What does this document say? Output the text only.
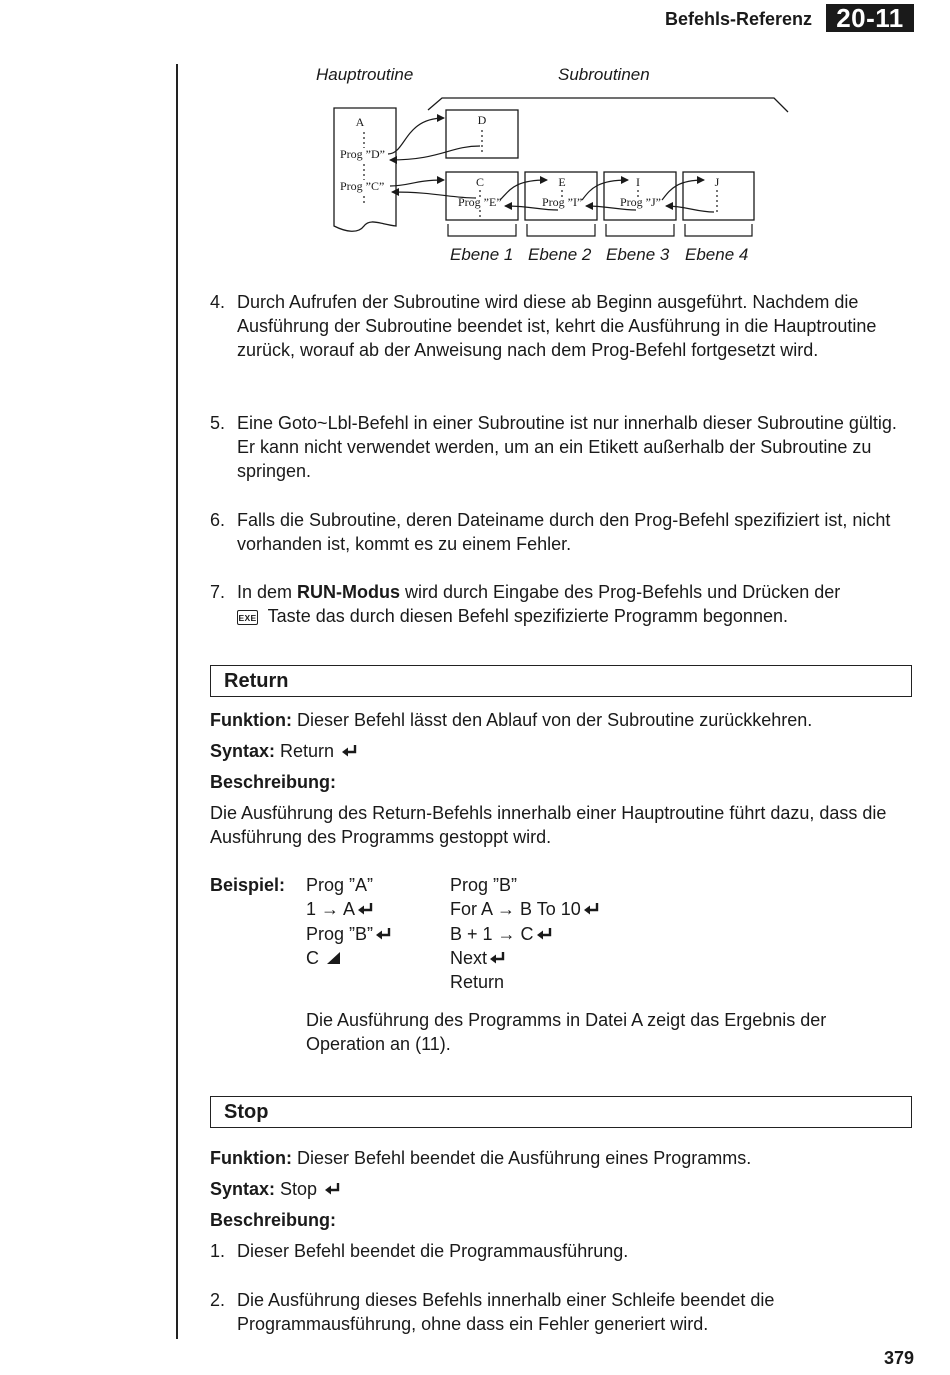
Befehls-Referenz 20-11
Hauptroutine	Subroutinen
A
Prog ”D”
Prog ”C”
D
C
Prog ”E”
E
Prog ”I”
I
Prog ”J”
J
Ebene 1 Ebene 2 Ebene 3 Ebene 4
4. Durch Aufrufen der Subroutine wird diese ab Beginn ausgeführt. Nachdem die Ausführung der Subroutine beendet ist, kehrt die Ausführung in die Hauptroutine zurück, worauf ab der Anweisung nach dem Prog-Befehl fortgesetzt wird.
5. Eine Goto~Lbl-Befehl in einer Subroutine ist nur innerhalb dieser Subroutine gültig. Er kann nicht verwendet werden, um an ein Etikett außerhalb der Subroutine zu springen.
6. Falls die Subroutine, deren Dateiname durch den Prog-Befehl spezifiziert ist, nicht vorhanden ist, kommt es zu einem Fehler.
7. In dem RUN-Modus wird durch Eingabe des Prog-Befehls und Drücken der
EXE Taste das durch diesen Befehl spezifizierte Programm begonnen.
Return
Funktion: Dieser Befehl lässt den Ablauf von der Subroutine zurückkehren.
Syntax: Return
Beschreibung:
Die Ausführung des Return-Befehls innerhalb einer Hauptroutine führt dazu, dass die Ausführung des Programms gestoppt wird.
Beispiel:	Prog ”A”
1 → A
Prog ”B”
C
Prog ”B”
For A → B To 10
B + 1 → C
Next
Return
Die Ausführung des Programms in Datei A zeigt das Ergebnis der Operation an (11).
Stop
Funktion: Dieser Befehl beendet die Ausführung eines Programms.
Syntax: Stop
Beschreibung:
1. Dieser Befehl beendet die Programmausführung.
2. Die Ausführung dieses Befehls innerhalb einer Schleife beendet die Programmausführung, ohne dass ein Fehler generiert wird.
379
